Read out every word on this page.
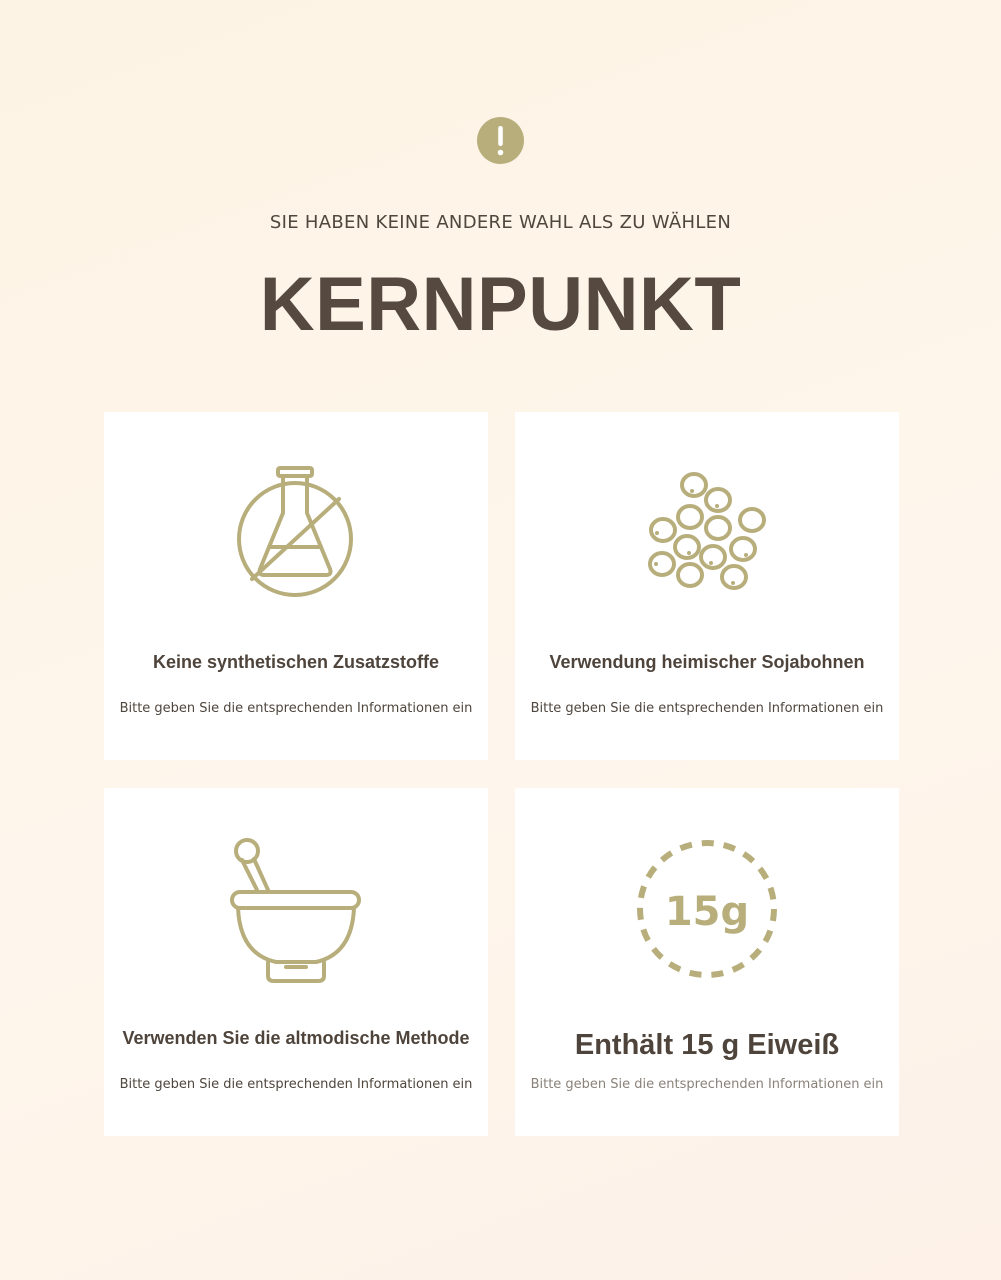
SIE HABEN KEINE ANDERE WAHL ALS ZU WÄHLEN
KERNPUNKT
Keine synthetischen Zusatzstoffe
Bitte geben Sie die entsprechenden Informationen ein
Verwendung heimischer Sojabohnen
Bitte geben Sie die entsprechenden Informationen ein
Verwenden Sie die altmodische Methode
Bitte geben Sie die entsprechenden Informationen ein
15g
Enthält 15 g Eiweiß
Bitte geben Sie die entsprechenden Informationen ein
